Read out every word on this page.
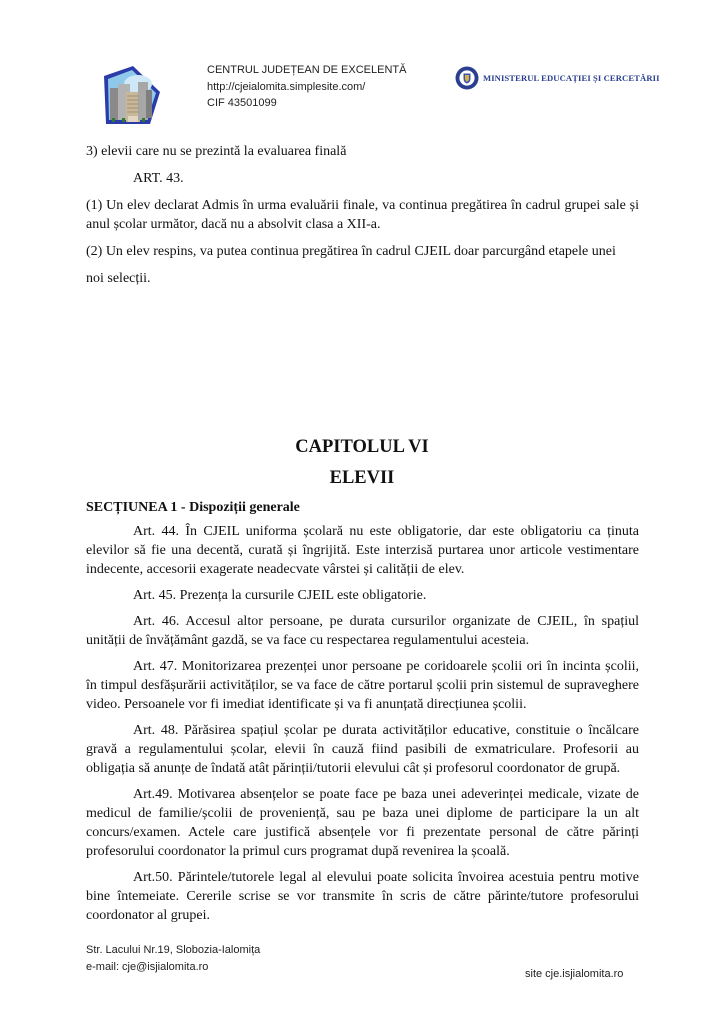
CENTRUL JUDEȚEAN DE EXCELENTĂ
http://cjeialomita.simplesite.com/
CIF 43501099
MINISTERUL EDUCAȚIEI ȘI CERCETĂRII

3) elevii care nu se prezintă la evaluarea finală

ART. 43.

(1) Un elev declarat Admis în urma evaluării finale, va continua pregătirea în cadrul grupei sale și anul școlar următor, dacă nu a absolvit clasa a XII-a.

(2) Un elev respins, va putea continua pregătirea în cadrul CJEIL doar parcurgând etapele unei

noi selecții.

CAPITOLUL VI
ELEVII
SECȚIUNEA 1 - Dispoziții generale

Art. 44. În CJEIL uniforma școlară nu este obligatorie, dar este obligatoriu ca ținuta elevilor să fie una decentă, curată și îngrijită. Este interzisă purtarea unor articole vestimentare indecente, accesorii exagerate neadecvate vârstei și calității de elev.

Art. 45. Prezența la cursurile CJEIL este obligatorie.

Art. 46. Accesul altor persoane, pe durata cursurilor organizate de CJEIL, în spațiul unității de învățământ gazdă, se va face cu respectarea regulamentului acesteia.

Art. 47. Monitorizarea prezenței unor persoane pe coridoarele școlii ori în incinta școlii, în timpul desfășurării activităților, se va face de către portarul școlii prin sistemul de supraveghere video. Persoanele vor fi imediat identificate și va fi anunțată direcțiunea școlii.

Art. 48. Părăsirea spațiul școlar pe durata activităților educative, constituie o încălcare gravă a regulamentului școlar, elevii în cauză fiind pasibili de exmatriculare. Profesorii au obligația să anunțe de îndată atât părinții/tutorii elevului cât și profesorul coordonator de grupă.

Art.49. Motivarea absențelor se poate face pe baza unei adeverinței medicale, vizate de medicul de familie/școlii de proveniență, sau pe baza unei diplome de participare la un alt concurs/examen. Actele care justifică absențele vor fi prezentate personal de către părinți profesorului coordonator la primul curs programat după revenirea la școală.

Art.50. Părintele/tutorele legal al elevului poate solicita învoirea acestuia pentru motive bine întemeiate. Cererile scrise se vor transmite în scris de către părinte/tutore profesorului coordonator al grupei.

Str. Lacului Nr.19, Slobozia-Ialomița
e-mail: cje@isjialomita.ro
site cje.isjialomita.ro
